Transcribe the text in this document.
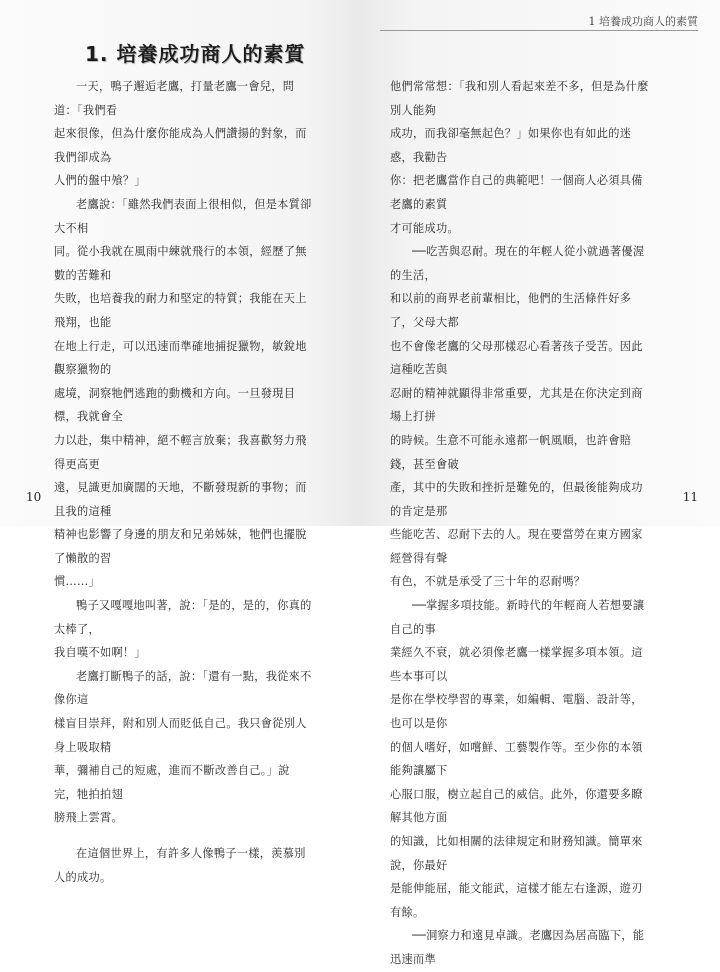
1. 培養成功商人的素質

一天，鴨子邂逅老鷹，打量老鷹一會兒，問道：「我們看

起來很像，但為什麼你能成為人們讚揚的對象，而我們卻成為

人們的盤中飧？」

老鷹說：「雖然我們表面上很相似，但是本質卻大不相

同。從小我就在風雨中練就飛行的本領，經歷了無數的苦難和

失敗，也培養我的耐力和堅定的特質；我能在天上飛翔，也能

在地上行走，可以迅速而準確地捕捉獵物，敏銳地觀察獵物的

處境，洞察牠們逃跑的動機和方向。一旦發現目標，我就會全

力以赴，集中精神，絕不輕言放棄；我喜歡努力飛得更高更

遠，見識更加廣闊的天地，不斷發現新的事物；而且我的這種

精神也影響了身邊的朋友和兄弟姊妹，牠們也擺脫了懶散的習

慣……」

鴨子又嘎嘎地叫著，說：「是的，是的，你真的太棒了，

我自嘆不如啊！」

老鷹打斷鴨子的話，說：「還有一點，我從來不像你這

樣盲目崇拜，附和別人而貶低自己。我只會從別人身上吸取精

華，彌補自己的短處，進而不斷改善自己。」說完，牠拍拍翅

膀飛上雲霄。

在這個世界上，有許多人像鴨子一樣，羨慕別人的成功。

10
1 培養成功商人的素質

他們常常想：「我和別人看起來差不多，但是為什麼別人能夠

成功，而我卻毫無起色？」如果你也有如此的迷惑，我勸告

你：把老鷹當作自己的典範吧！一個商人必須具備老鷹的素質

才可能成功。

──吃苦與忍耐。現在的年輕人從小就過著優渥的生活，

和以前的商界老前輩相比，他們的生活條件好多了，父母大都

也不會像老鷹的父母那樣忍心看著孩子受苦。因此這種吃苦與

忍耐的精神就顯得非常重要，尤其是在你決定到商場上打拼

的時候。生意不可能永遠都一帆風順，也許會賠錢，甚至會破

產，其中的失敗和挫折是難免的，但最後能夠成功的肯定是那

些能吃苦、忍耐下去的人。現在要當勞在東方國家經營得有聲

有色，不就是承受了三十年的忍耐嗎？

──掌握多項技能。新時代的年輕商人若想要讓自己的事

業經久不衰，就必須像老鷹一樣掌握多項本領。這些本事可以

是你在學校學習的專業，如編輯、電腦、設計等，也可以是你

的個人嗜好，如嚐鮮、工藝製作等。至少你的本領能夠讓屬下

心服口服，樹立起自己的威信。此外，你還要多瞭解其他方面

的知識，比如相關的法律規定和財務知識。簡單來說，你最好

是能伸能屈，能文能武，這樣才能左右逢源，遊刃有餘。

──洞察力和遠見卓識。老鷹因為居高臨下，能迅速而準

11
